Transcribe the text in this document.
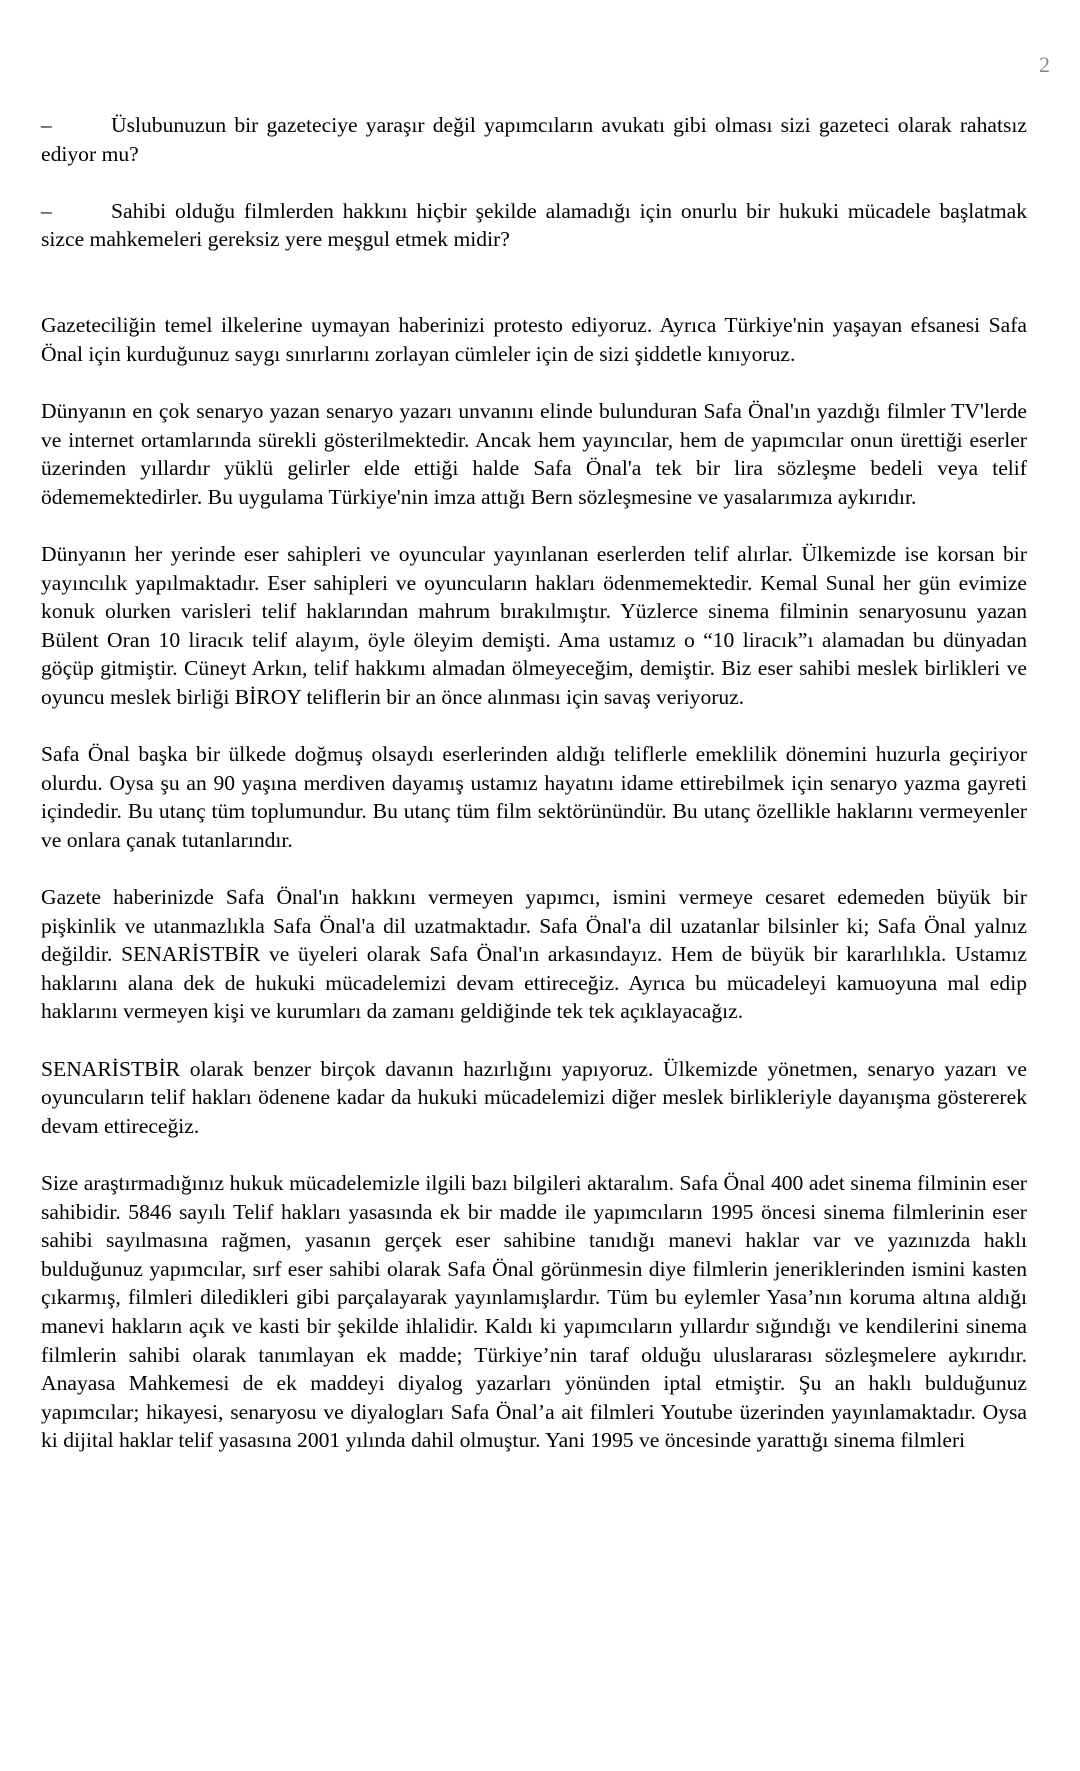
2

–	Üslubunuzun bir gazeteciye yaraşır değil yapımcıların avukatı gibi olması sizi gazeteci olarak rahatsız ediyor mu?

–	Sahibi olduğu filmlerden hakkını hiçbir şekilde alamadığı için onurlu bir hukuki mücadele başlatmak sizce mahkemeleri gereksiz yere meşgul etmek midir?

Gazeteciliğin temel ilkelerine uymayan haberinizi protesto ediyoruz. Ayrıca Türkiye'nin yaşayan efsanesi Safa Önal için kurduğunuz saygı sınırlarını zorlayan cümleler için de sizi şiddetle kınıyoruz.

Dünyanın en çok senaryo yazan senaryo yazarı unvanını elinde bulunduran Safa Önal'ın yazdığı filmler TV'lerde ve internet ortamlarında sürekli gösterilmektedir. Ancak hem yayıncılar, hem de yapımcılar onun ürettiği eserler üzerinden yıllardır yüklü gelirler elde ettiği halde Safa Önal'a tek bir lira sözleşme bedeli veya telif ödememektedirler. Bu uygulama Türkiye'nin imza attığı Bern sözleşmesine ve yasalarımıza aykırıdır.

Dünyanın her yerinde eser sahipleri ve oyuncular yayınlanan eserlerden telif alırlar. Ülkemizde ise korsan bir yayıncılık yapılmaktadır. Eser sahipleri ve oyuncuların hakları ödenmemektedir. Kemal Sunal her gün evimize konuk olurken varisleri telif haklarından mahrum bırakılmıştır. Yüzlerce sinema filminin senaryosunu yazan Bülent Oran 10 liracık telif alayım, öyle öleyim demişti. Ama ustamız o “10 liracık”ı alamadan bu dünyadan göçüp gitmiştir. Cüneyt Arkın, telif hakkımı almadan ölmeyeceğim, demiştir. Biz eser sahibi meslek birlikleri ve oyuncu meslek birliği BİROY teliflerin bir an önce alınması için savaş veriyoruz.

Safa Önal başka bir ülkede doğmuş olsaydı eserlerinden aldığı teliflerle emeklilik dönemini huzurla geçiriyor olurdu. Oysa şu an 90 yaşına merdiven dayamış ustamız hayatını idame ettirebilmek için senaryo yazma gayreti içindedir. Bu utanç tüm toplumundur. Bu utanç tüm film sektörünündür. Bu utanç özellikle haklarını vermeyenler ve onlara çanak tutanlarındır.

Gazete haberinizde Safa Önal'ın hakkını vermeyen yapımcı, ismini vermeye cesaret edemeden büyük bir pişkinlik ve utanmazlıkla Safa Önal'a dil uzatmaktadır. Safa Önal'a dil uzatanlar bilsinler ki; Safa Önal yalnız değildir. SENARİSTBİR ve üyeleri olarak Safa Önal'ın arkasındayız. Hem de büyük bir kararlılıkla. Ustamız haklarını alana dek de hukuki mücadelemizi devam ettireceğiz. Ayrıca bu mücadeleyi kamuoyuna mal edip haklarını vermeyen kişi ve kurumları da zamanı geldiğinde tek tek açıklayacağız.

SENARİSTBİR olarak benzer birçok davanın hazırlığını yapıyoruz. Ülkemizde yönetmen, senaryo yazarı ve oyuncuların telif hakları ödenene kadar da hukuki mücadelemizi diğer meslek birlikleriyle dayanışma göstererek devam ettireceğiz.

Size araştırmadığınız hukuk mücadelemizle ilgili bazı bilgileri aktaralım. Safa Önal 400 adet sinema filminin eser sahibidir. 5846 sayılı Telif hakları yasasında ek bir madde ile yapımcıların 1995 öncesi sinema filmlerinin eser sahibi sayılmasına rağmen, yasanın gerçek eser sahibine tanıdığı manevi haklar var ve yazınızda haklı bulduğunuz yapımcılar, sırf eser sahibi olarak Safa Önal görünmesin diye filmlerin jeneriklerinden ismini kasten çıkarmış, filmleri diledikleri gibi parçalayarak yayınlamışlardır. Tüm bu eylemler Yasa’nın koruma altına aldığı manevi hakların açık ve kasti bir şekilde ihlalidir. Kaldı ki yapımcıların yıllardır sığındığı ve kendilerini sinema filmlerin sahibi olarak tanımlayan ek madde; Türkiye’nin taraf olduğu uluslararası sözleşmelere aykırıdır. Anayasa Mahkemesi de ek maddeyi diyalog yazarları yönünden iptal etmiştir. Şu an haklı bulduğunuz yapımcılar; hikayesi, senaryosu ve diyalogları Safa Önal’a ait filmleri Youtube üzerinden yayınlamaktadır. Oysa ki dijital haklar telif yasasına 2001 yılında dahil olmuştur. Yani 1995 ve öncesinde yarattığı sinema filmleri
